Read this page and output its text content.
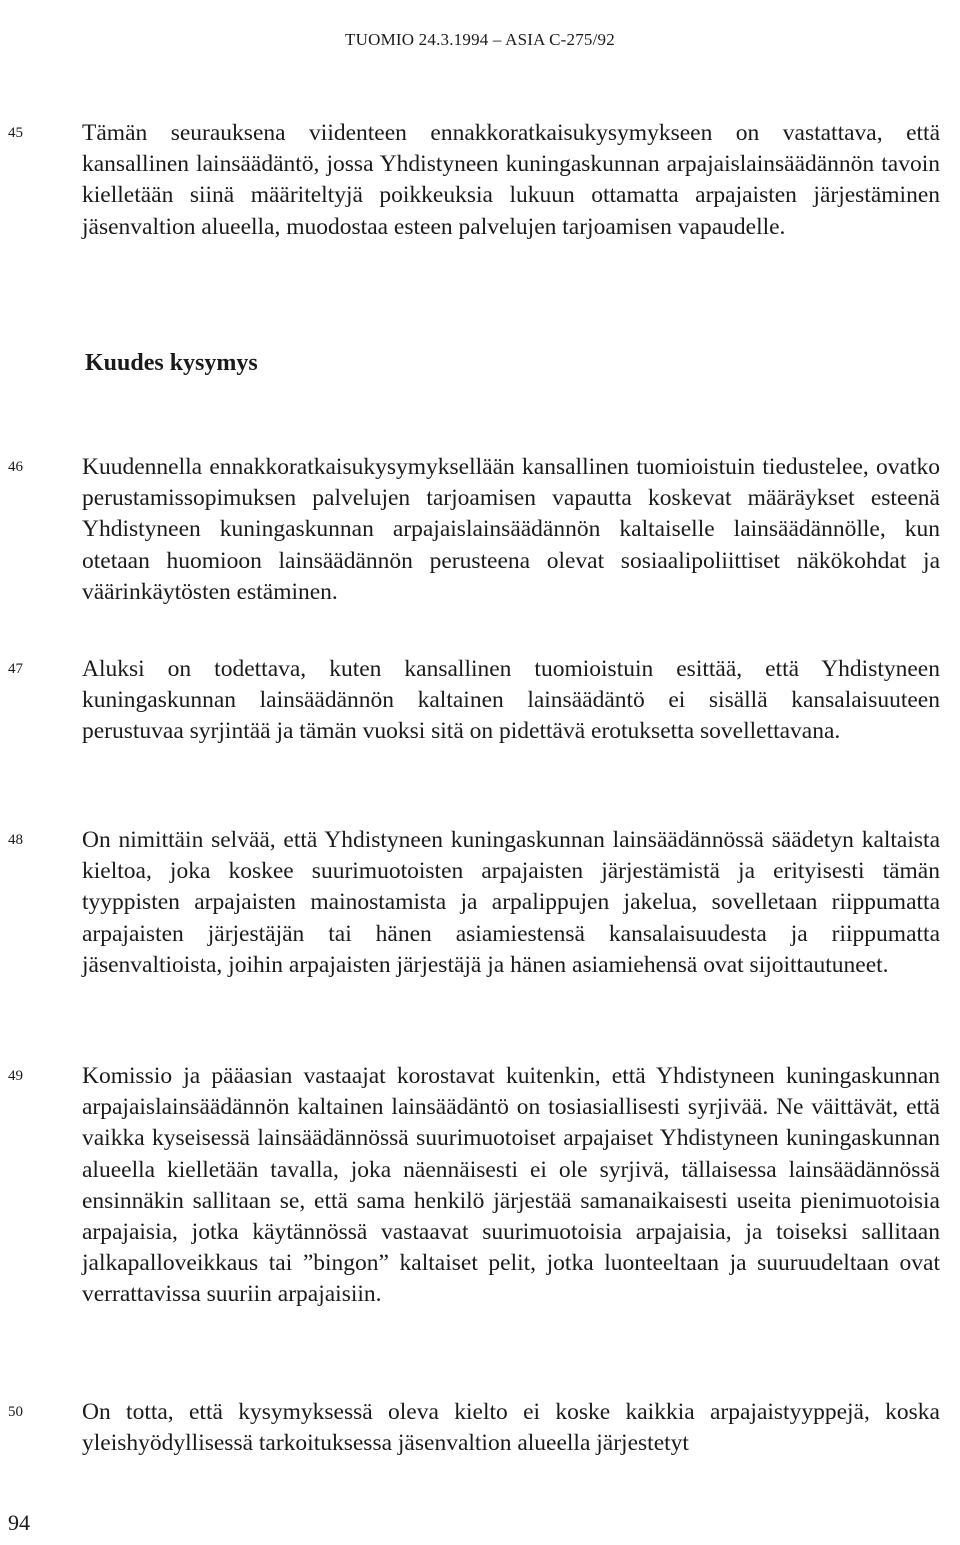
TUOMIO 24.3.1994 – ASIA C-275/92
45	Tämän seurauksena viidenteen ennakkoratkaisukysymykseen on vastattava, että kansallinen lainsäädäntö, jossa Yhdistyneen kuningaskunnan arpajaislainsäädännön tavoin kielletään siinä määriteltyjä poikkeuksia lukuun ottamatta arpajaisten järjestäminen jäsenvaltion alueella, muodostaa esteen palvelujen tarjoamisen vapaudelle.
Kuudes kysymys
46	Kuudennella ennakkoratkaisukysymyksellään kansallinen tuomioistuin tiedustelee, ovatko perustamissopimuksen palvelujen tarjoamisen vapautta koskevat määräykset esteenä Yhdistyneen kuningaskunnan arpajaislainsäädännön kaltaiselle lainsäädännölle, kun otetaan huomioon lainsäädännön perusteena olevat sosiaalipoliittiset näkökohdat ja väärinkäytösten estäminen.
47	Aluksi on todettava, kuten kansallinen tuomioistuin esittää, että Yhdistyneen kuningaskunnan lainsäädännön kaltainen lainsäädäntö ei sisällä kansalaisuuteen perustuvaa syrjintää ja tämän vuoksi sitä on pidettävä erotuksetta sovellettavana.
48	On nimittäin selvää, että Yhdistyneen kuningaskunnan lainsäädännössä säädetyn kaltaista kieltoa, joka koskee suurimuotoisten arpajaisten järjestämistä ja erityisesti tämän tyyppisten arpajaisten mainostamista ja arpalippujen jakelua, sovelletaan riippumatta arpajaisten järjestäjän tai hänen asiamiestensä kansalaisuudesta ja riippumatta jäsenvaltioista, joihin arpajaisten järjestäjä ja hänen asiamiehensä ovat sijoittautuneet.
49	Komissio ja pääasian vastaajat korostavat kuitenkin, että Yhdistyneen kuningaskunnan arpajaislainsäädännön kaltainen lainsäädäntö on tosiasiallisesti syrjivää. Ne väittävät, että vaikka kyseisessä lainsäädännössä suurimuotoiset arpajaiset Yhdistyneen kuningaskunnan alueella kielletään tavalla, joka näennäisesti ei ole syrjivä, tällaisessa lainsäädännössä ensinnäkin sallitaan se, että sama henkilö järjestää samanaikaisesti useita pienimuotoisia arpajaisia, jotka käytännössä vastaavat suurimuotoisia arpajaisia, ja toiseksi sallitaan jalkapalloveikkaus tai ”bingon” kaltaiset pelit, jotka luonteeltaan ja suuruudeltaan ovat verrattavissa suuriin arpajaisiin.
50	On totta, että kysymyksessä oleva kielto ei koske kaikkia arpajaistyyppejä, koska yleishyödyllisessä tarkoituksessa jäsenvaltion alueella järjestetyt
94
